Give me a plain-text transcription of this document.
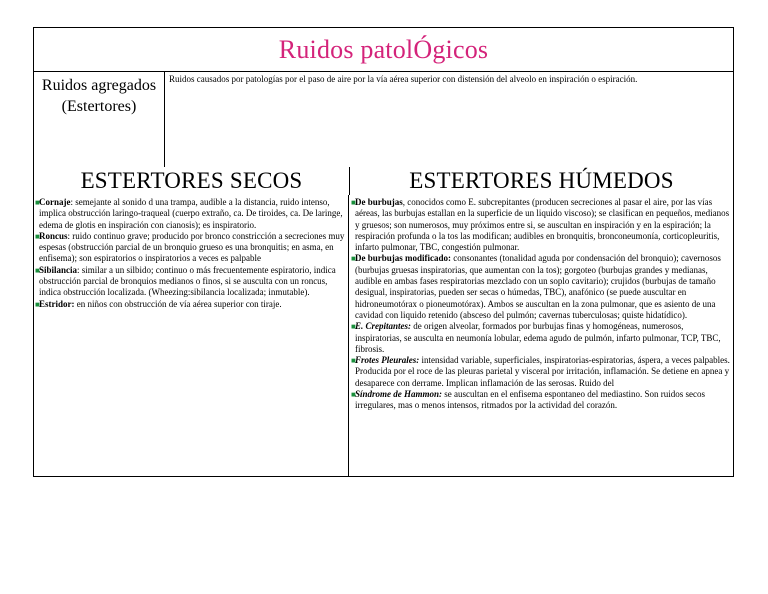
Ruidos patolÓgicos
Ruidos agregados (Estertores)
Ruidos causados por patologías por el paso de aire por la vía aérea superior con distensión del alveolo en inspiración o espiración.
ESTERTORES SECOS	ESTERTORES HÚMEDOS
■ Cornaje: semejante al sonido d una trampa, audible a la distancia, ruido intenso, implica obstrucción laringo-traqueal (cuerpo extraño, ca. De tiroides, ca. De laringe, edema de glotis en inspiración con cianosis); es inspiratorio.
■ Roncus: ruido continuo grave; producido por bronco constricción a secreciones muy espesas (obstrucción parcial de un bronquio grueso es una bronquitis; en asma, en enfisema); son espiratorios o inspiratorios a veces es palpable
■ Sibilancia: similar a un silbido; continuo o más frecuentemente espiratorio, indica obstrucción parcial de bronquios medianos o finos, si se ausculta con un roncus, indica obstrucción localizada. (Wheezing:sibilancia localizada; inmutable).
■ Estridor: en niños con obstrucción de vía aérea superior con tiraje.
■ De burbujas, conocidos como E. subcrepitantes (producen secreciones al pasar el aire, por las vías aéreas, las burbujas estallan en la superficie de un liquido viscoso); se clasifican en pequeños, medianos y gruesos; son numerosos, muy próximos entre si, se auscultan en inspiración y en la espiración; la respiración profunda o la tos las modifican; audibles en bronquitis, bronconeumonía, corticopleuritis, infarto pulmonar, TBC, congestión pulmonar.
■ De burbujas modificado: consonantes (tonalidad aguda por condensación del bronquio); cavernosos (burbujas gruesas inspiratorias, que aumentan con la tos); gorgoteo (burbujas grandes y medianas, audible en ambas fases respiratorias mezclado con un soplo cavitario); crujidos (burbujas de tamaño desigual, inspiratorias, pueden ser secas o húmedas, TBC), anafónico (se puede auscultar en hidroneumotórax o pioneumotórax). Ambos se auscultan en la zona pulmonar, que es asiento de una cavidad con liquido retenido (absceso del pulmón; cavernas tuberculosas; quiste hidatídico).
■ E. Crepitantes: de origen alveolar, formados por burbujas finas y homogéneas, numerosos, inspiratorias, se ausculta en neumonía lobular, edema agudo de pulmón, infarto pulmonar, TCP, TBC, fibrosis.
■ Frotes Pleurales: intensidad variable, superficiales, inspiratorias-espiratorias, áspera, a veces palpables. Producida por el roce de las pleuras parietal y visceral por irritación, inflamación. Se detiene en apnea y desaparece con derrame. Implican inflamación de las serosas. Ruido del
■ Síndrome de Hammon: se auscultan en el enfisema espontaneo del mediastino. Son ruidos secos irregulares, mas o menos intensos, ritmados por la actividad del corazón.
